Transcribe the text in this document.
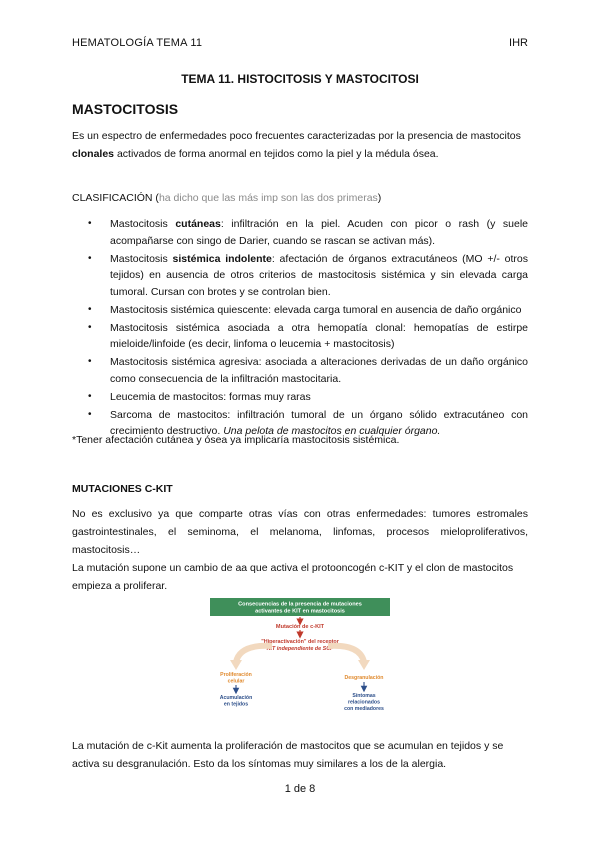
HEMATOLOGÍA TEMA 11	IHR
TEMA 11. HISTOCITOSIS Y MASTOCITOSI
MASTOCITOSIS
Es un espectro de enfermedades poco frecuentes caracterizadas por la presencia de mastocitos clonales activados de forma anormal en tejidos como la piel y la médula ósea.
CLASIFICACIÓN (ha dicho que las más imp son las dos primeras)
• Mastocitosis cutáneas: infiltración en la piel. Acuden con picor o rash (y suele acompañarse con singo de Darier, cuando se rascan se activan más).
• Mastocitosis sistémica indolente: afectación de órganos extracutáneos (MO +/- otros tejidos) en ausencia de otros criterios de mastocitosis sistémica y sin elevada carga tumoral. Cursan con brotes y se controlan bien.
• Mastocitosis sistémica quiescente: elevada carga tumoral en ausencia de daño orgánico
• Mastocitosis sistémica asociada a otra hemopatía clonal: hemopatías de estirpe mieloide/linfoide (es decir, linfoma o leucemia + mastocitosis)
• Mastocitosis sistémica agresiva: asociada a alteraciones derivadas de un daño orgánico como consecuencia de la infiltración mastocitaria.
• Leucemia de mastocitos: formas muy raras
• Sarcoma de mastocitos: infiltración tumoral de un órgano sólido extracutáneo con crecimiento destructivo. Una pelota de mastocitos en cualquier órgano.
*Tener afectación cutánea y ósea ya implicaría mastocitosis sistémica.
MUTACIONES C-KIT
No es exclusivo ya que comparte otras vías con otras enfermedades: tumores estromales gastrointestinales, el seminoma, el melanoma, linfomas, procesos mieloproliferativos, mastocitosis…
La mutación supone un cambio de aa que activa el protooncogén c-KIT y el clon de mastocitos empieza a proliferar.
Consecuencias de la presencia de mutaciones
activantes de KIT en mastocitosis
Mutación de c-KIT
"Hiperactivación" del receptor
KIT independiente de SCF
Proliferación
celular
Acumulación
en tejidos
Desgranulación
Síntomas
relacionados
con mediadores
La mutación de c-Kit aumenta la proliferación de mastocitos que se acumulan en tejidos y se activa su desgranulación. Esto da los síntomas muy similares a los de la alergia.
1 de 8
